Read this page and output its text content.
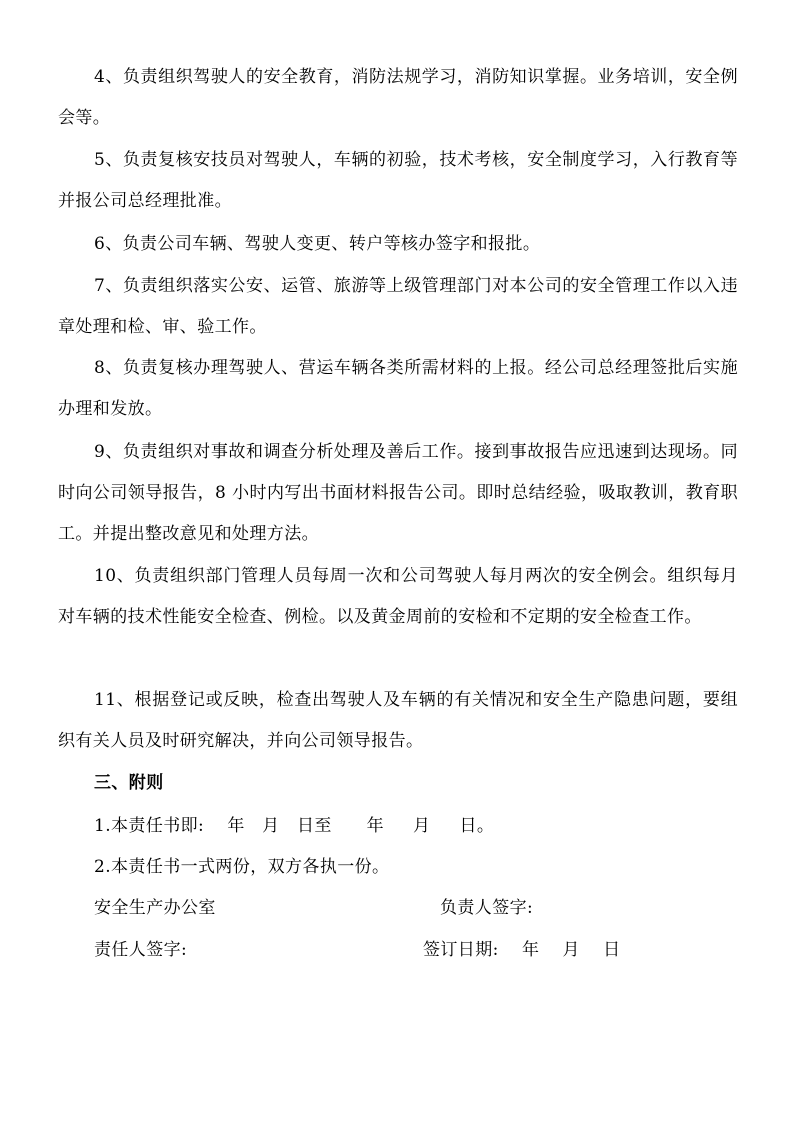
4、负责组织驾驶人的安全教育，消防法规学习，消防知识掌握。业务培训，安全例会等。

5、负责复核安技员对驾驶人，车辆的初验，技术考核，安全制度学习，入行教育等并报公司总经理批准。

6、负责公司车辆、驾驶人变更、转户等核办签字和报批。

7、负责组织落实公安、运管、旅游等上级管理部门对本公司的安全管理工作以入违章处理和检、审、验工作。

8、负责复核办理驾驶人、营运车辆各类所需材料的上报。经公司总经理签批后实施办理和发放。

9、负责组织对事故和调查分析处理及善后工作。接到事故报告应迅速到达现场。同时向公司领导报告，8 小时内写出书面材料报告公司。即时总结经验，吸取教训，教育职工。并提出整改意见和处理方法。

10、负责组织部门管理人员每周一次和公司驾驶人每月两次的安全例会。组织每月对车辆的技术性能安全检查、例检。以及黄金周前的安检和不定期的安全检查工作。

11、根据登记或反映，检查出驾驶人及车辆的有关情况和安全生产隐患问题，要组织有关人员及时研究解决，并向公司领导报告。

三、附则
1.本责任书即:    年   月   日至      年     月     日。
2.本责任书一式两份，双方各执一份。
安全生产办公室	负责人签字:
责任人签字:	签订日期:    年    月    日
